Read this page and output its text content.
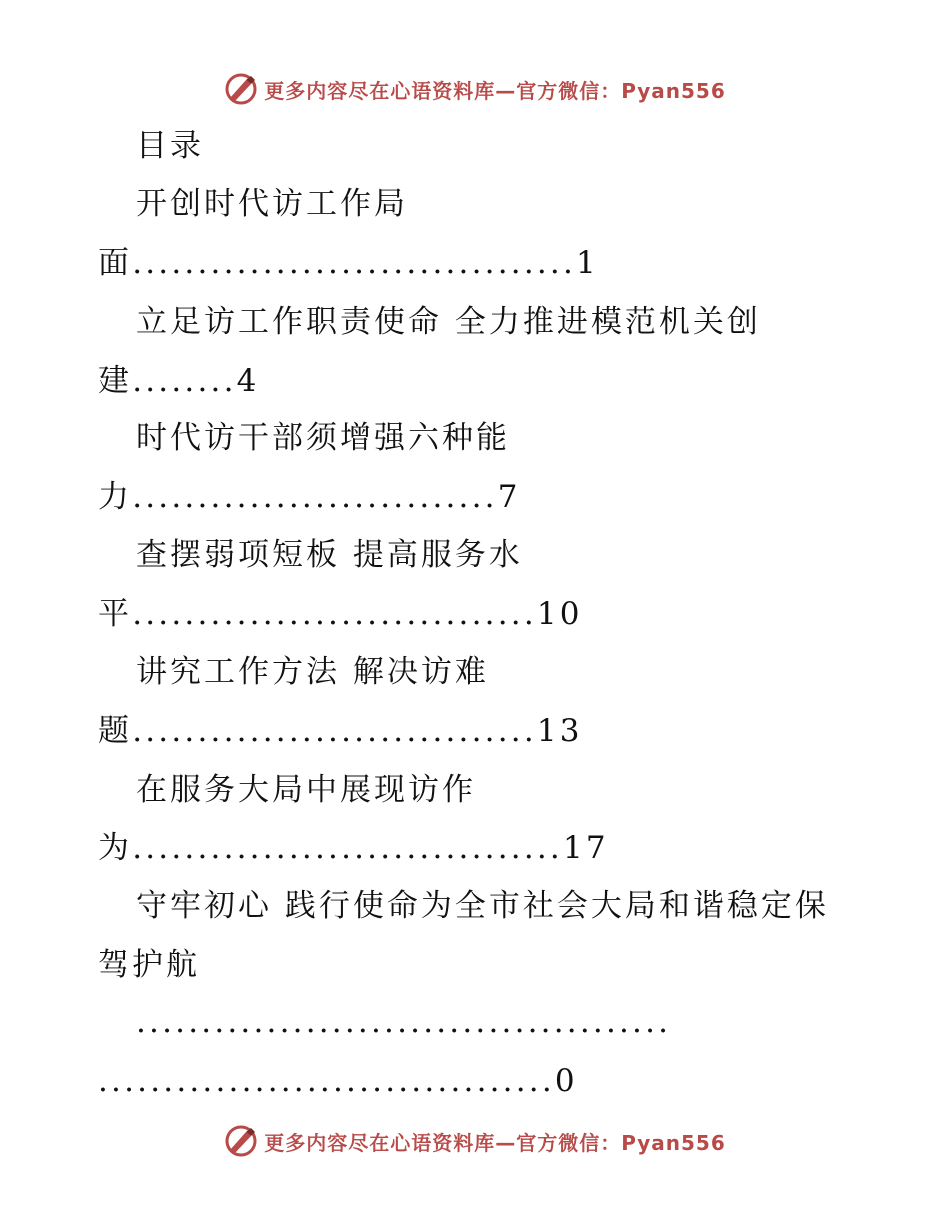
更多内容尽在心语资料库—官方微信：Pyan556
目录
开创时代访工作局
面..................................1
立足访工作职责使命 全力推进模范机关创
建........4
时代访干部须增强六种能
力............................7
查摆弱项短板 提高服务水
平...............................10
讲究工作方法 解决访难
题...............................13
在服务大局中展现访作
为.................................17
守牢初心 践行使命为全市社会大局和谐稳定保
驾护航
.........................................
...................................0
更多内容尽在心语资料库—官方微信：Pyan556
